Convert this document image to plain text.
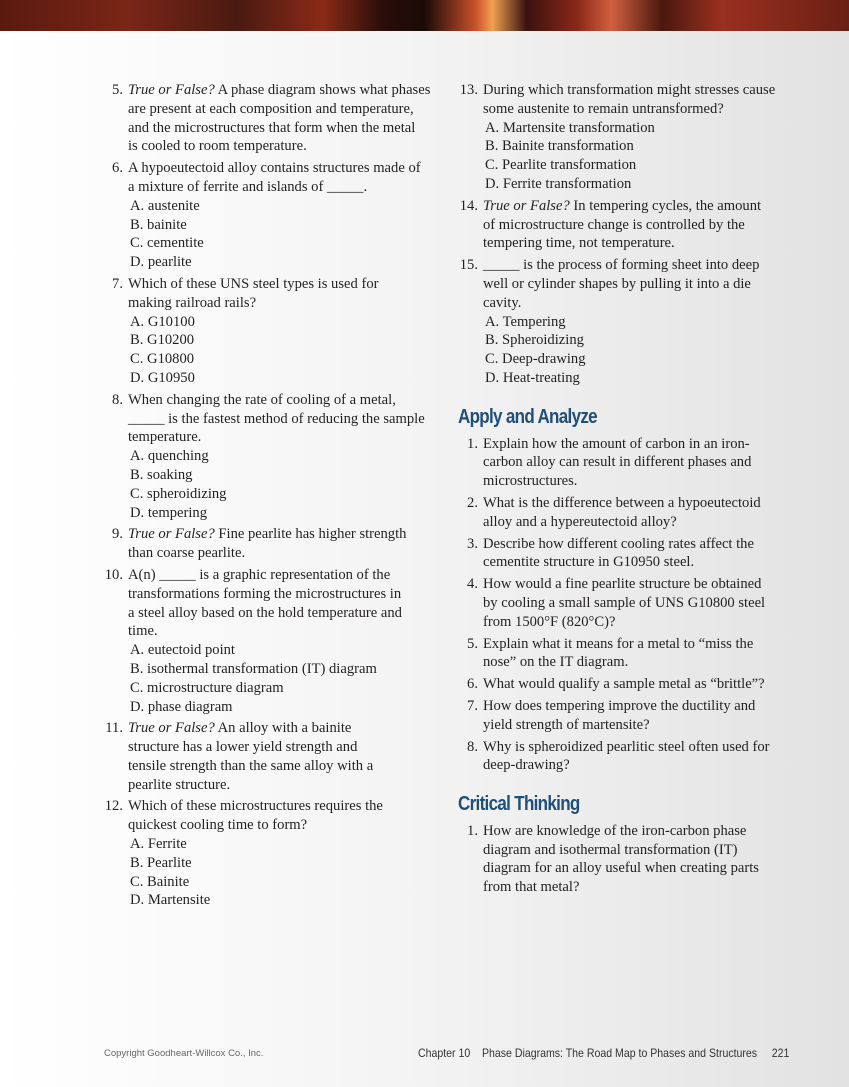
5. True or False? A phase diagram shows what phases
are present at each composition and temperature,
and the microstructures that form when the metal
is cooled to room temperature.
6. A hypoeutectoid alloy contains structures made of
a mixture of ferrite and islands of _____.
A. austenite
B. bainite
C. cementite
D. pearlite
7. Which of these UNS steel types is used for
making railroad rails?
A. G10100
B. G10200
C. G10800
D. G10950
8. When changing the rate of cooling of a metal,
_____ is the fastest method of reducing the sample
temperature.
A. quenching
B. soaking
C. spheroidizing
D. tempering
9. True or False? Fine pearlite has higher strength
than coarse pearlite.
10. A(n) _____ is a graphic representation of the
transformations forming the microstructures in
a steel alloy based on the hold temperature and
time.
A. eutectoid point
B. isothermal transformation (IT) diagram
C. microstructure diagram
D. phase diagram
11. True or False? An alloy with a bainite
structure has a lower yield strength and
tensile strength than the same alloy with a
pearlite structure.
12. Which of these microstructures requires the
quickest cooling time to form?
A. Ferrite
B. Pearlite
C. Bainite
D. Martensite
13. During which transformation might stresses cause
some austenite to remain untransformed?
A. Martensite transformation
B. Bainite transformation
C. Pearlite transformation
D. Ferrite transformation
14. True or False? In tempering cycles, the amount
of microstructure change is controlled by the
tempering time, not temperature.
15. _____ is the process of forming sheet into deep
well or cylinder shapes by pulling it into a die
cavity.
A. Tempering
B. Spheroidizing
C. Deep-drawing
D. Heat-treating
Apply and Analyze
1. Explain how the amount of carbon in an iron-
carbon alloy can result in different phases and
microstructures.
2. What is the difference between a hypoeutectoid
alloy and a hypereutectoid alloy?
3. Describe how different cooling rates affect the
cementite structure in G10950 steel.
4. How would a fine pearlite structure be obtained
by cooling a small sample of UNS G10800 steel
from 1500°F (820°C)?
5. Explain what it means for a metal to “miss the
nose” on the IT diagram.
6. What would qualify a sample metal as “brittle”?
7. How does tempering improve the ductility and
yield strength of martensite?
8. Why is spheroidized pearlitic steel often used for
deep-drawing?
Critical Thinking
1. How are knowledge of the iron-carbon phase
diagram and isothermal transformation (IT)
diagram for an alloy useful when creating parts
from that metal?
Copyright Goodheart-Willcox Co., Inc.	Chapter 10 Phase Diagrams: The Road Map to Phases and Structures 221
